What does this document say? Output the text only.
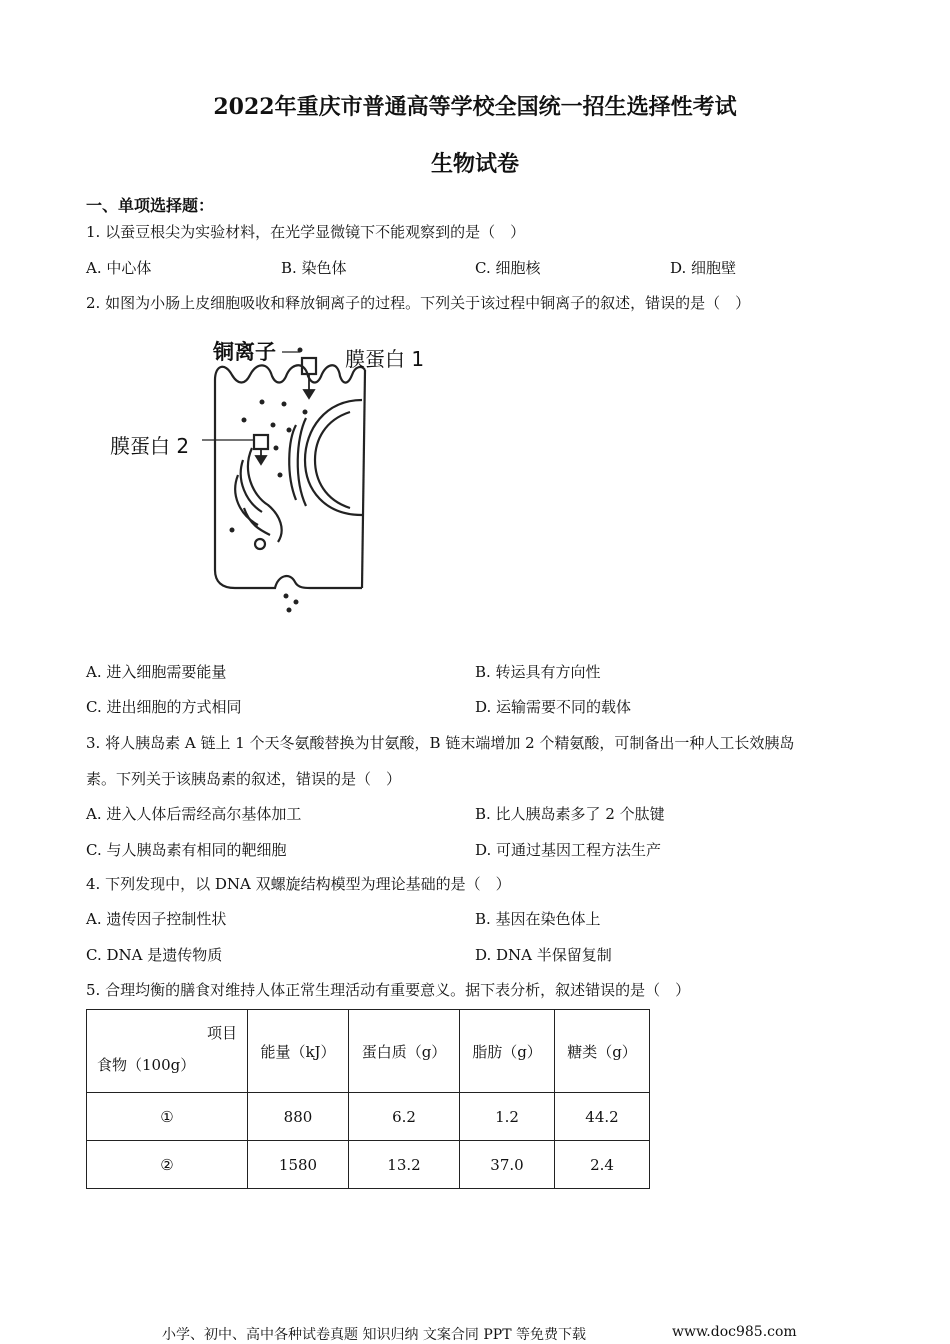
2022年重庆市普通高等学校全国统一招生选择性考试
生物试卷
一、单项选择题：
1. 以蚕豆根尖为实验材料，在光学显微镜下不能观察到的是（　）
A. 中心体	B. 染色体	C. 细胞核	D. 细胞壁
2. 如图为小肠上皮细胞吸收和释放铜离子的过程。下列关于该过程中铜离子的叙述，错误的是（　）
铜离子	膜蛋白 1
膜蛋白 2
A. 进入细胞需要能量	B. 转运具有方向性
C. 进出细胞的方式相同	D. 运输需要不同的载体
3. 将人胰岛素 A 链上 1 个天冬氨酸替换为甘氨酸，B 链末端增加 2 个精氨酸，可制备出一种人工长效胰岛
素。下列关于该胰岛素的叙述，错误的是（　）
A. 进入人体后需经高尔基体加工	B. 比人胰岛素多了 2 个肽键
C. 与人胰岛素有相同的靶细胞	D. 可通过基因工程方法生产
4. 下列发现中，以 DNA 双螺旋结构模型为理论基础的是（　）
A. 遗传因子控制性状	B. 基因在染色体上
C. DNA 是遗传物质	D. DNA 半保留复制
5. 合理均衡的膳食对维持人体正常生理活动有重要意义。据下表分析，叙述错误的是（　）
项目
食物（100g）	能量（kJ）	蛋白质（g）	脂肪（g）	糖类（g）
①	880	6.2	1.2	44.2
②	1580	13.2	37.0	2.4
小学、初中、高中各种试卷真题 知识归纳 文案合同 PPT 等免费下载	www.doc985.com
